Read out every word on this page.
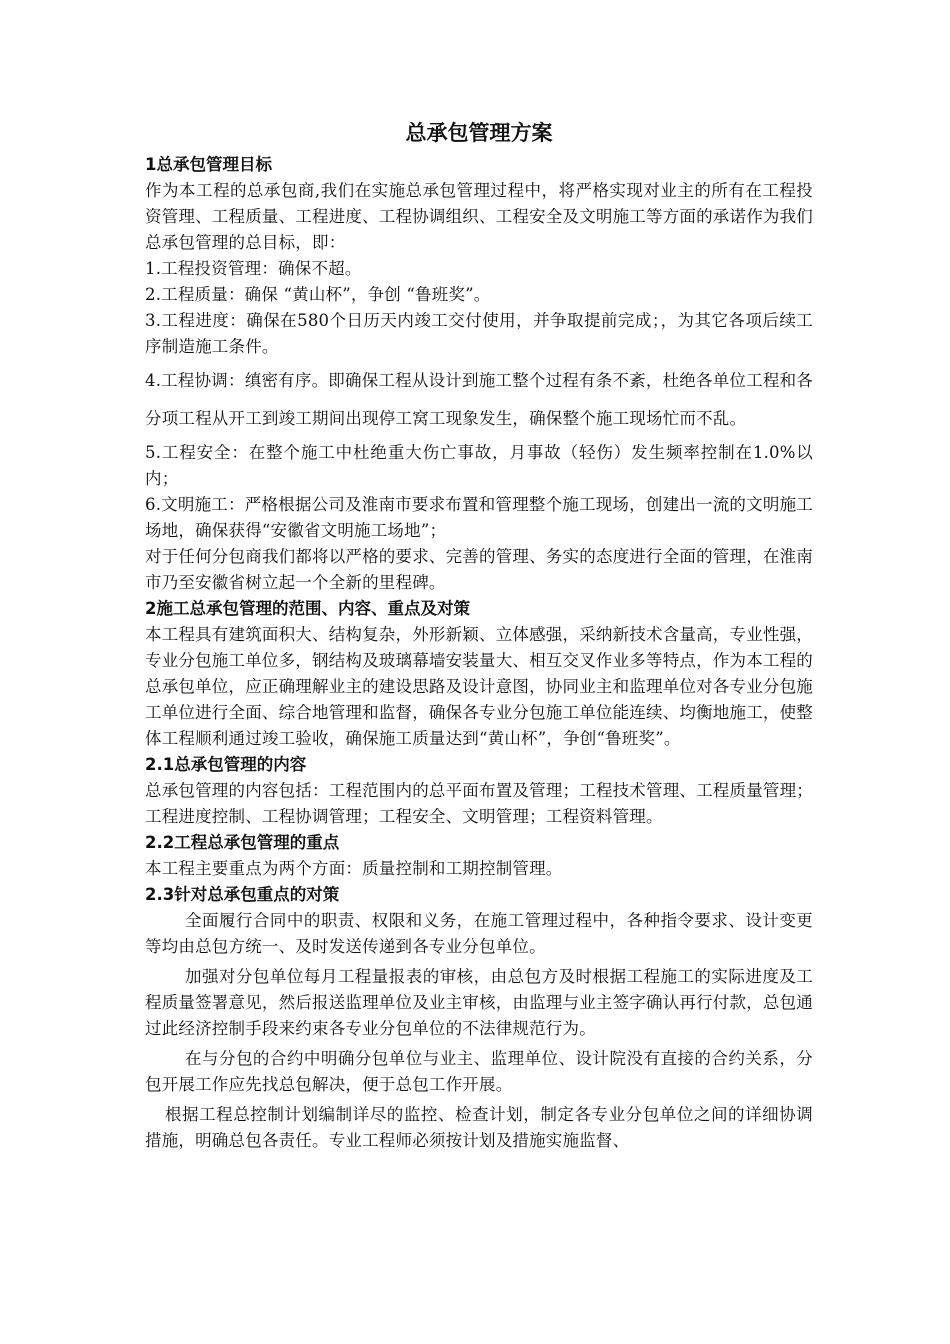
总承包管理方案
1总承包管理目标

作为本工程的总承包商,我们在实施总承包管理过程中，将严格实现对业主的所有在工程投资管理、工程质量、工程进度、工程协调组织、工程安全及文明施工等方面的承诺作为我们总承包管理的总目标，即：

1.工程投资管理：确保不超。

2.工程质量：确保 “黄山杯”，争创 “鲁班奖”。

3.工程进度：确保在580个日历天内竣工交付使用，并争取提前完成；，为其它各项后续工序制造施工条件。

4.工程协调：缜密有序。即确保工程从设计到施工整个过程有条不紊，杜绝各单位工程和各分项工程从开工到竣工期间出现停工窝工现象发生，确保整个施工现场忙而不乱。

5.工程安全：在整个施工中杜绝重大伤亡事故，月事故（轻伤）发生频率控制在1.0%以内；

6.文明施工：严格根据公司及淮南市要求布置和管理整个施工现场，创建出一流的文明施工场地，确保获得“安徽省文明施工场地”；

对于任何分包商我们都将以严格的要求、完善的管理、务实的态度进行全面的管理，在淮南市乃至安徽省树立起一个全新的里程碑。

2施工总承包管理的范围、内容、重点及对策

本工程具有建筑面积大、结构复杂，外形新颖、立体感强，采纳新技术含量高，专业性强，专业分包施工单位多，钢结构及玻璃幕墙安装量大、相互交叉作业多等特点，作为本工程的总承包单位，应正确理解业主的建设思路及设计意图，协同业主和监理单位对各专业分包施工单位进行全面、综合地管理和监督，确保各专业分包施工单位能连续、均衡地施工，使整体工程顺利通过竣工验收，确保施工质量达到“黄山杯”，争创“鲁班奖”。

2.1总承包管理的内容

总承包管理的内容包括：工程范围内的总平面布置及管理；工程技术管理、工程质量管理；工程进度控制、工程协调管理；工程安全、文明管理；工程资料管理。

2.2工程总承包管理的重点

本工程主要重点为两个方面：质量控制和工期控制管理。

2.3针对总承包重点的对策

全面履行合同中的职责、权限和义务，在施工管理过程中，各种指令要求、设计变更等均由总包方统一、及时发送传递到各专业分包单位。

加强对分包单位每月工程量报表的审核，由总包方及时根据工程施工的实际进度及工程质量签署意见，然后报送监理单位及业主审核，由监理与业主签字确认再行付款，总包通过此经济控制手段来约束各专业分包单位的不法律规范行为。

在与分包的合约中明确分包单位与业主、监理单位、设计院没有直接的合约关系，分包开展工作应先找总包解决，便于总包工作开展。

根据工程总控制计划编制详尽的监控、检查计划，制定各专业分包单位之间的详细协调措施，明确总包各责任。专业工程师必须按计划及措施实施监督、
